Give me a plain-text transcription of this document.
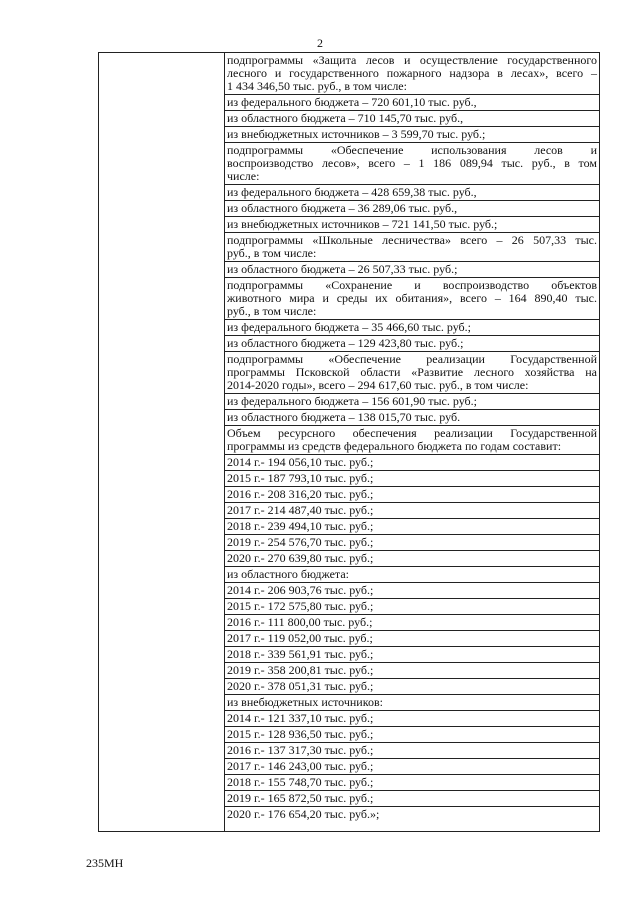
2
подпрограммы «Защита лесов и осуществление государственного
лесного и государственного пожарного надзора в лесах», всего –
1 434 346,50 тыс. руб., в том числе:
из федерального бюджета – 720 601,10 тыс. руб.,
из областного бюджета – 710 145,70 тыс. руб.,
из внебюджетных источников – 3 599,70 тыс. руб.;
подпрограммы «Обеспечение использования лесов и
воспроизводство лесов», всего – 1 186 089,94 тыс. руб., в том
числе:
из федерального бюджета – 428 659,38 тыс. руб.,
из областного бюджета – 36 289,06 тыс. руб.,
из внебюджетных источников – 721 141,50 тыс. руб.;
подпрограммы «Школьные лесничества» всего – 26 507,33 тыс.
руб., в том числе:
из областного бюджета – 26 507,33 тыс. руб.;
подпрограммы «Сохранение и воспроизводство объектов
животного мира и среды их обитания», всего – 164 890,40 тыс.
руб., в том числе:
из федерального бюджета – 35 466,60 тыс. руб.;
из областного бюджета – 129 423,80 тыс. руб.;
подпрограммы «Обеспечение реализации Государственной
программы Псковской области «Развитие лесного хозяйства на
2014-2020 годы», всего – 294 617,60 тыс. руб., в том числе:
из федерального бюджета – 156 601,90 тыс. руб.;
из областного бюджета – 138 015,70 тыс. руб.
Объем ресурсного обеспечения реализации Государственной
программы из средств федерального бюджета по годам составит:
2014 г.- 194 056,10 тыс. руб.;
2015 г.- 187 793,10 тыс. руб.;
2016 г.- 208 316,20 тыс. руб.;
2017 г.- 214 487,40 тыс. руб.;
2018 г.- 239 494,10 тыс. руб.;
2019 г.- 254 576,70 тыс. руб.;
2020 г.- 270 639,80 тыс. руб.;
из областного бюджета:
2014 г.- 206 903,76 тыс. руб.;
2015 г.- 172 575,80 тыс. руб.;
2016 г.- 111 800,00 тыс. руб.;
2017 г.- 119 052,00 тыс. руб.;
2018 г.- 339 561,91 тыс. руб.;
2019 г.- 358 200,81 тыс. руб.;
2020 г.- 378 051,31 тыс. руб.;
из внебюджетных источников:
2014 г.- 121 337,10 тыс. руб.;
2015 г.- 128 936,50 тыс. руб.;
2016 г.- 137 317,30 тыс. руб.;
2017 г.- 146 243,00 тыс. руб.;
2018 г.- 155 748,70 тыс. руб.;
2019 г.- 165 872,50 тыс. руб.;
2020 г.- 176 654,20 тыс. руб.»;
235МН
